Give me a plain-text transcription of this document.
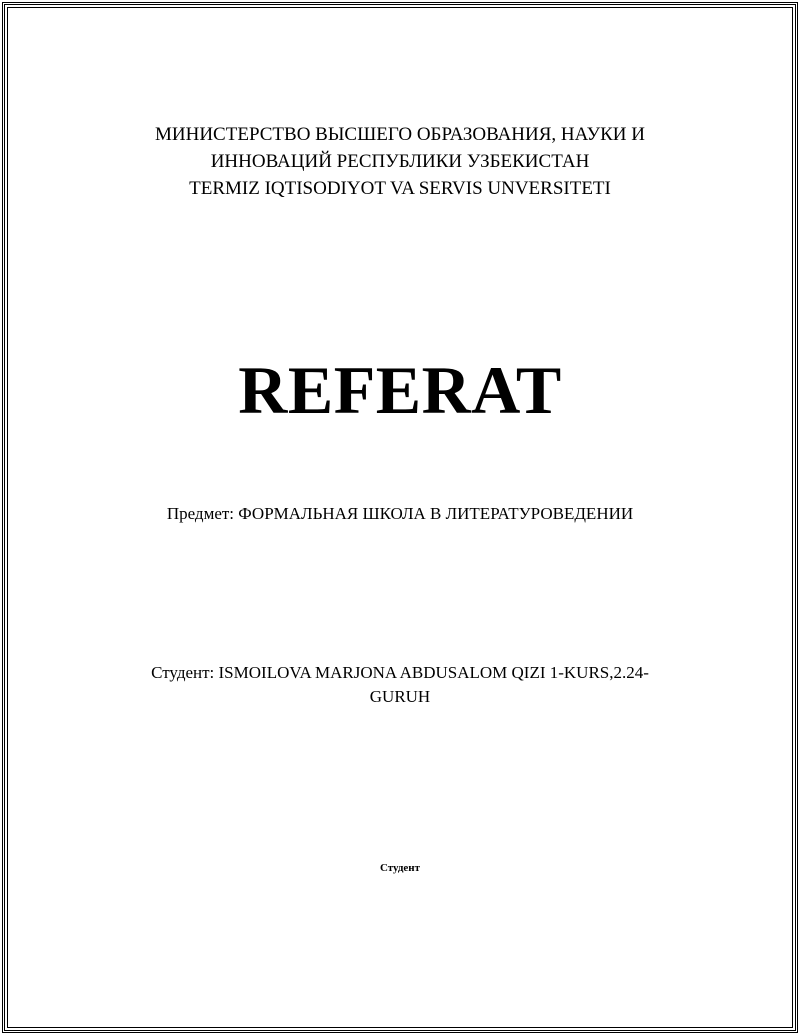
МИНИСТЕРСТВО ВЫСШЕГО ОБРАЗОВАНИЯ, НАУКИ И
ИННОВАЦИЙ РЕСПУБЛИКИ УЗБЕКИСТАН
TERMIZ IQTISODIYOT VA SERVIS UNVERSITETI
REFERAT
Предмет: ФОРМАЛЬНАЯ ШКОЛА В ЛИТЕРАТУРОВЕДЕНИИ
Студент: ISMOILOVA MARJONA ABDUSALOM QIZI 1-KURS,2.24-
GURUH
Студент
